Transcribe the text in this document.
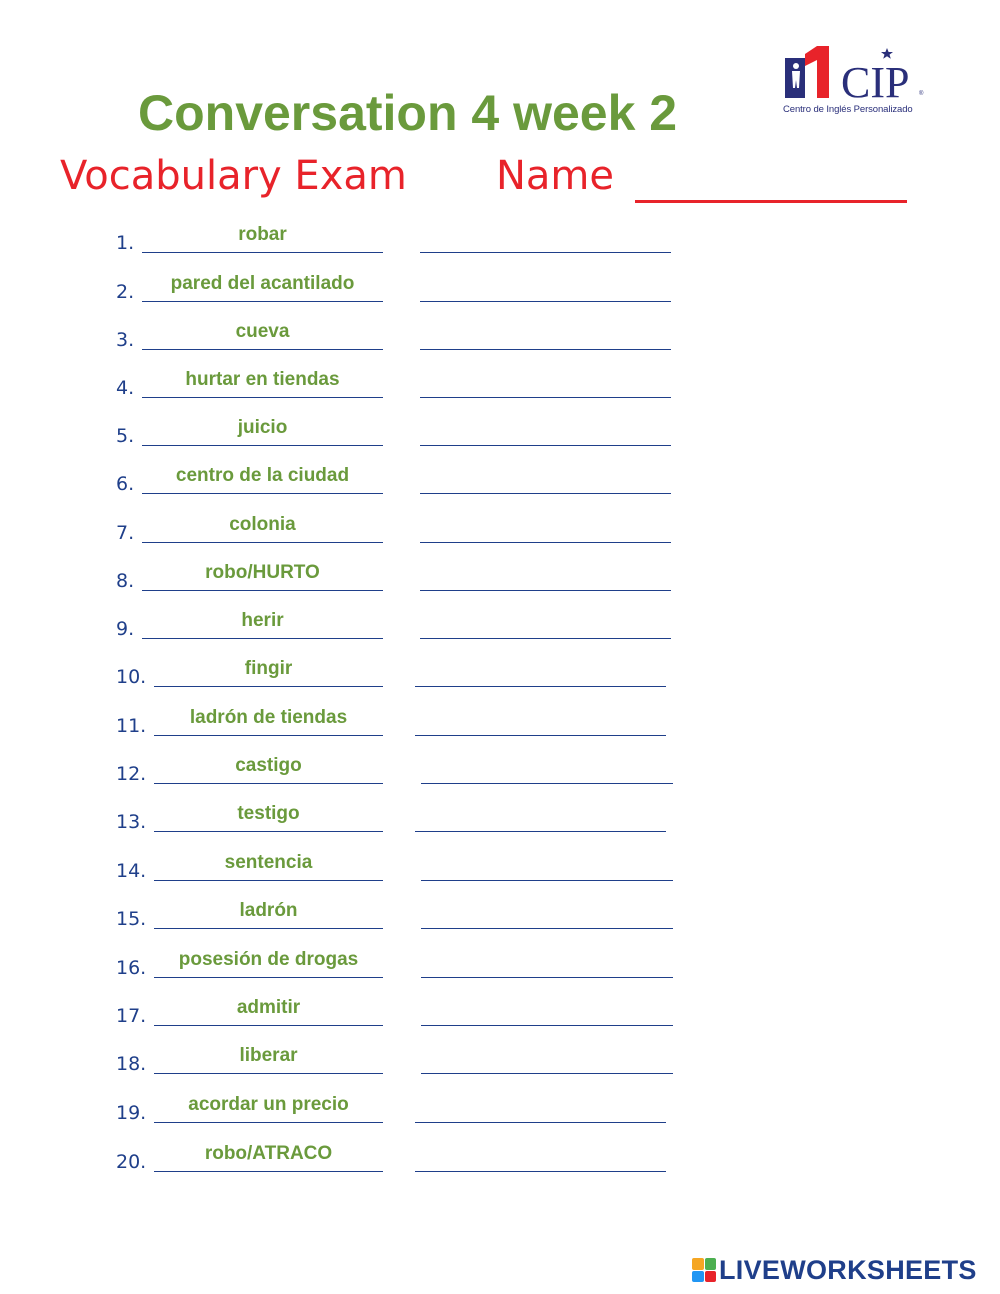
Conversation 4 week 2
Vocabulary Exam Name
CIP ®
Centro de Inglés Personalizado
1.	robar
2.	pared del acantilado
3.	cueva
4.	hurtar en tiendas
5.	juicio
6.	centro de la ciudad
7.	colonia
8.	robo/HURTO
9.	herir
10.	fingir
11.	ladrón de tiendas
12.	castigo
13.	testigo
14.	sentencia
15.	ladrón
16.	posesión de drogas
17.	admitir
18.	liberar
19.	acordar un precio
20.	robo/ATRACO
LIVEWORKSHEETS
